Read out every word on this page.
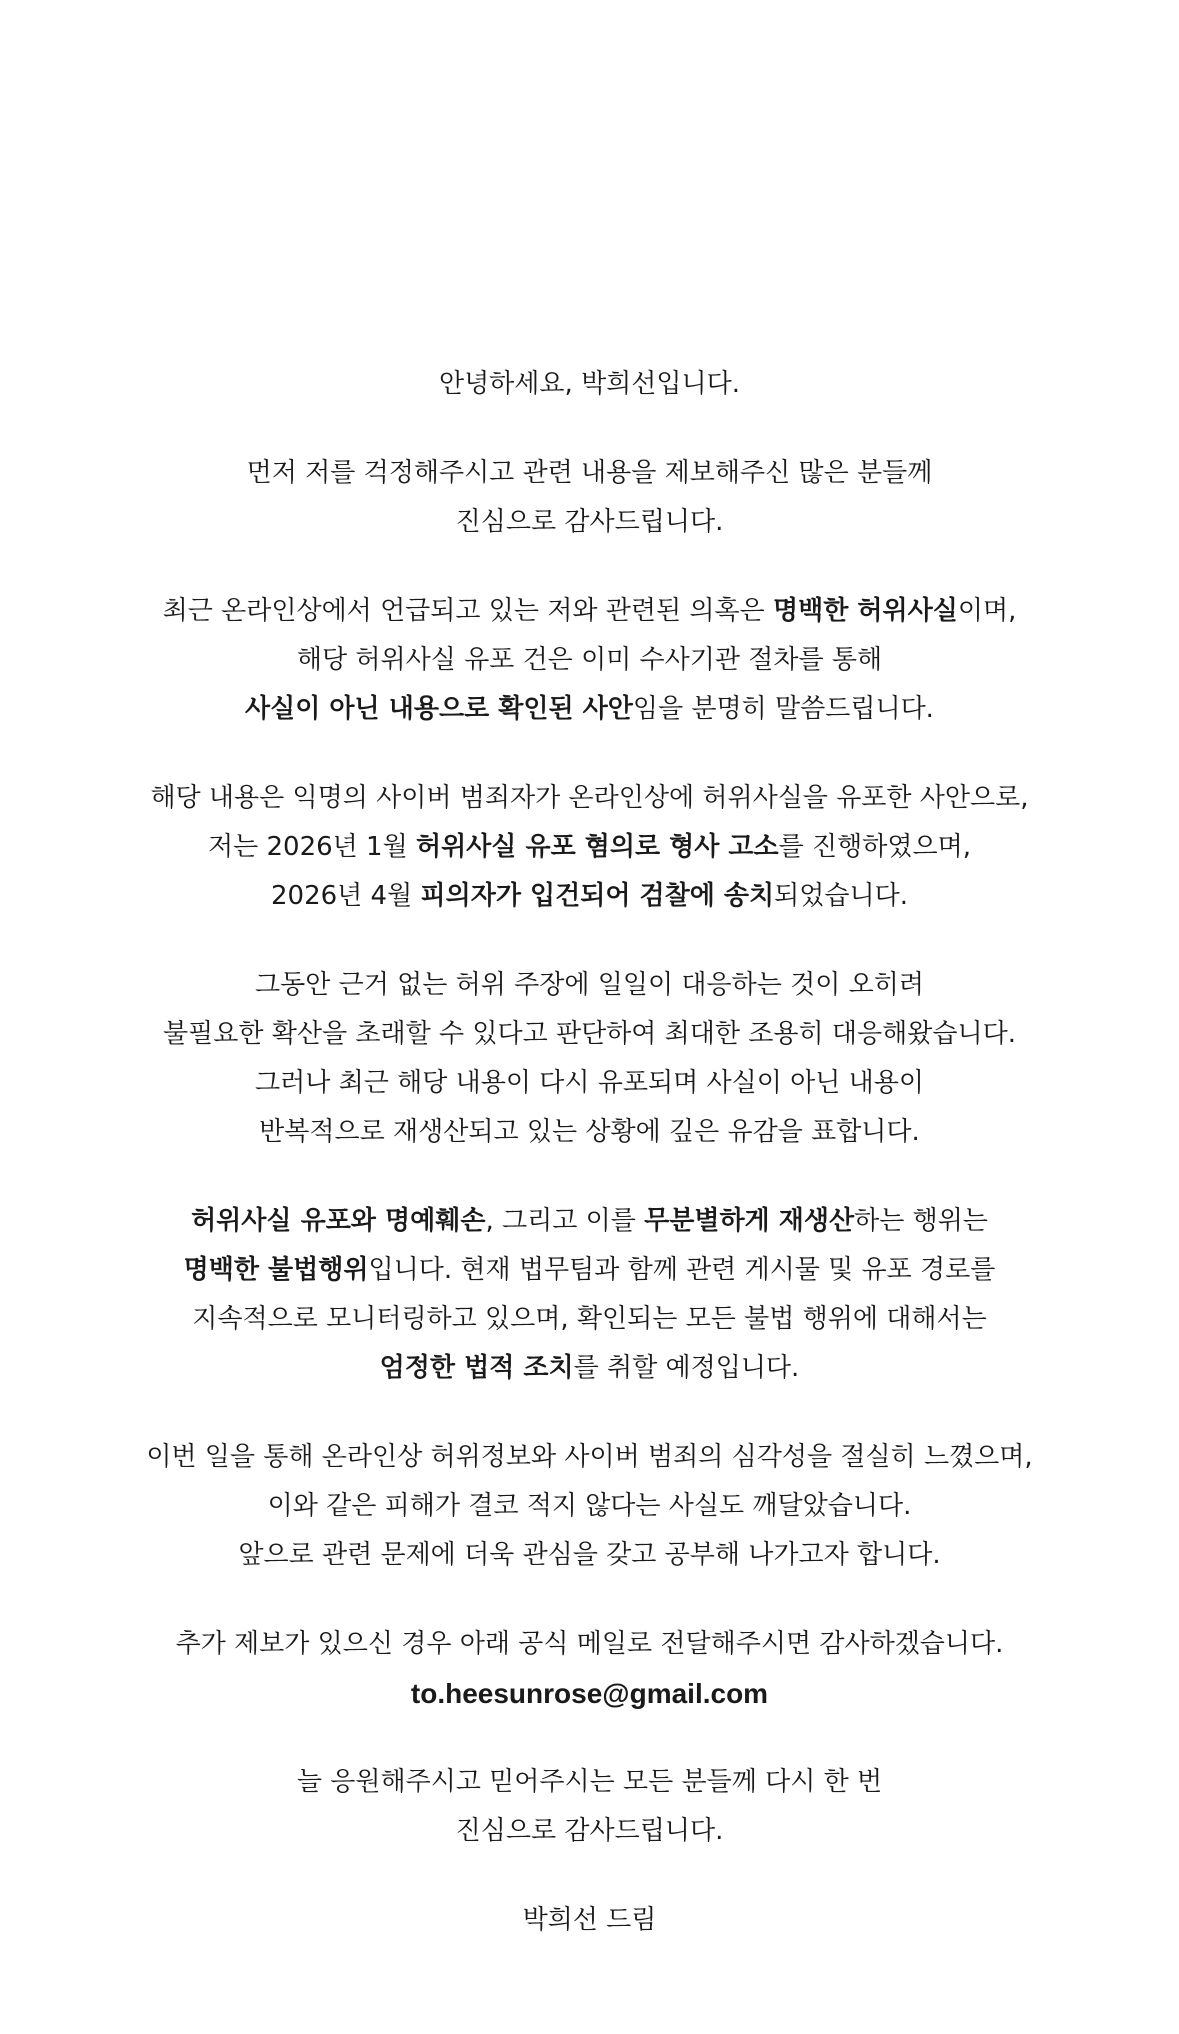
안녕하세요, 박희선입니다.
먼저 저를 걱정해주시고 관련 내용을 제보해주신 많은 분들께
진심으로 감사드립니다.
최근 온라인상에서 언급되고 있는 저와 관련된 의혹은 명백한 허위사실이며,
해당 허위사실 유포 건은 이미 수사기관 절차를 통해
사실이 아닌 내용으로 확인된 사안임을 분명히 말씀드립니다.
해당 내용은 익명의 사이버 범죄자가 온라인상에 허위사실을 유포한 사안으로,
저는 2026년 1월 허위사실 유포 혐의로 형사 고소를 진행하였으며,
2026년 4월 피의자가 입건되어 검찰에 송치되었습니다.
그동안 근거 없는 허위 주장에 일일이 대응하는 것이 오히려
불필요한 확산을 초래할 수 있다고 판단하여 최대한 조용히 대응해왔습니다.
그러나 최근 해당 내용이 다시 유포되며 사실이 아닌 내용이
반복적으로 재생산되고 있는 상황에 깊은 유감을 표합니다.
허위사실 유포와 명예훼손, 그리고 이를 무분별하게 재생산하는 행위는
명백한 불법행위입니다. 현재 법무팀과 함께 관련 게시물 및 유포 경로를
지속적으로 모니터링하고 있으며, 확인되는 모든 불법 행위에 대해서는
엄정한 법적 조치를 취할 예정입니다.
이번 일을 통해 온라인상 허위정보와 사이버 범죄의 심각성을 절실히 느꼈으며,
이와 같은 피해가 결코 적지 않다는 사실도 깨달았습니다.
앞으로 관련 문제에 더욱 관심을 갖고 공부해 나가고자 합니다.
추가 제보가 있으신 경우 아래 공식 메일로 전달해주시면 감사하겠습니다.
to.heesunrose@gmail.com
늘 응원해주시고 믿어주시는 모든 분들께 다시 한 번
진심으로 감사드립니다.
박희선 드림
